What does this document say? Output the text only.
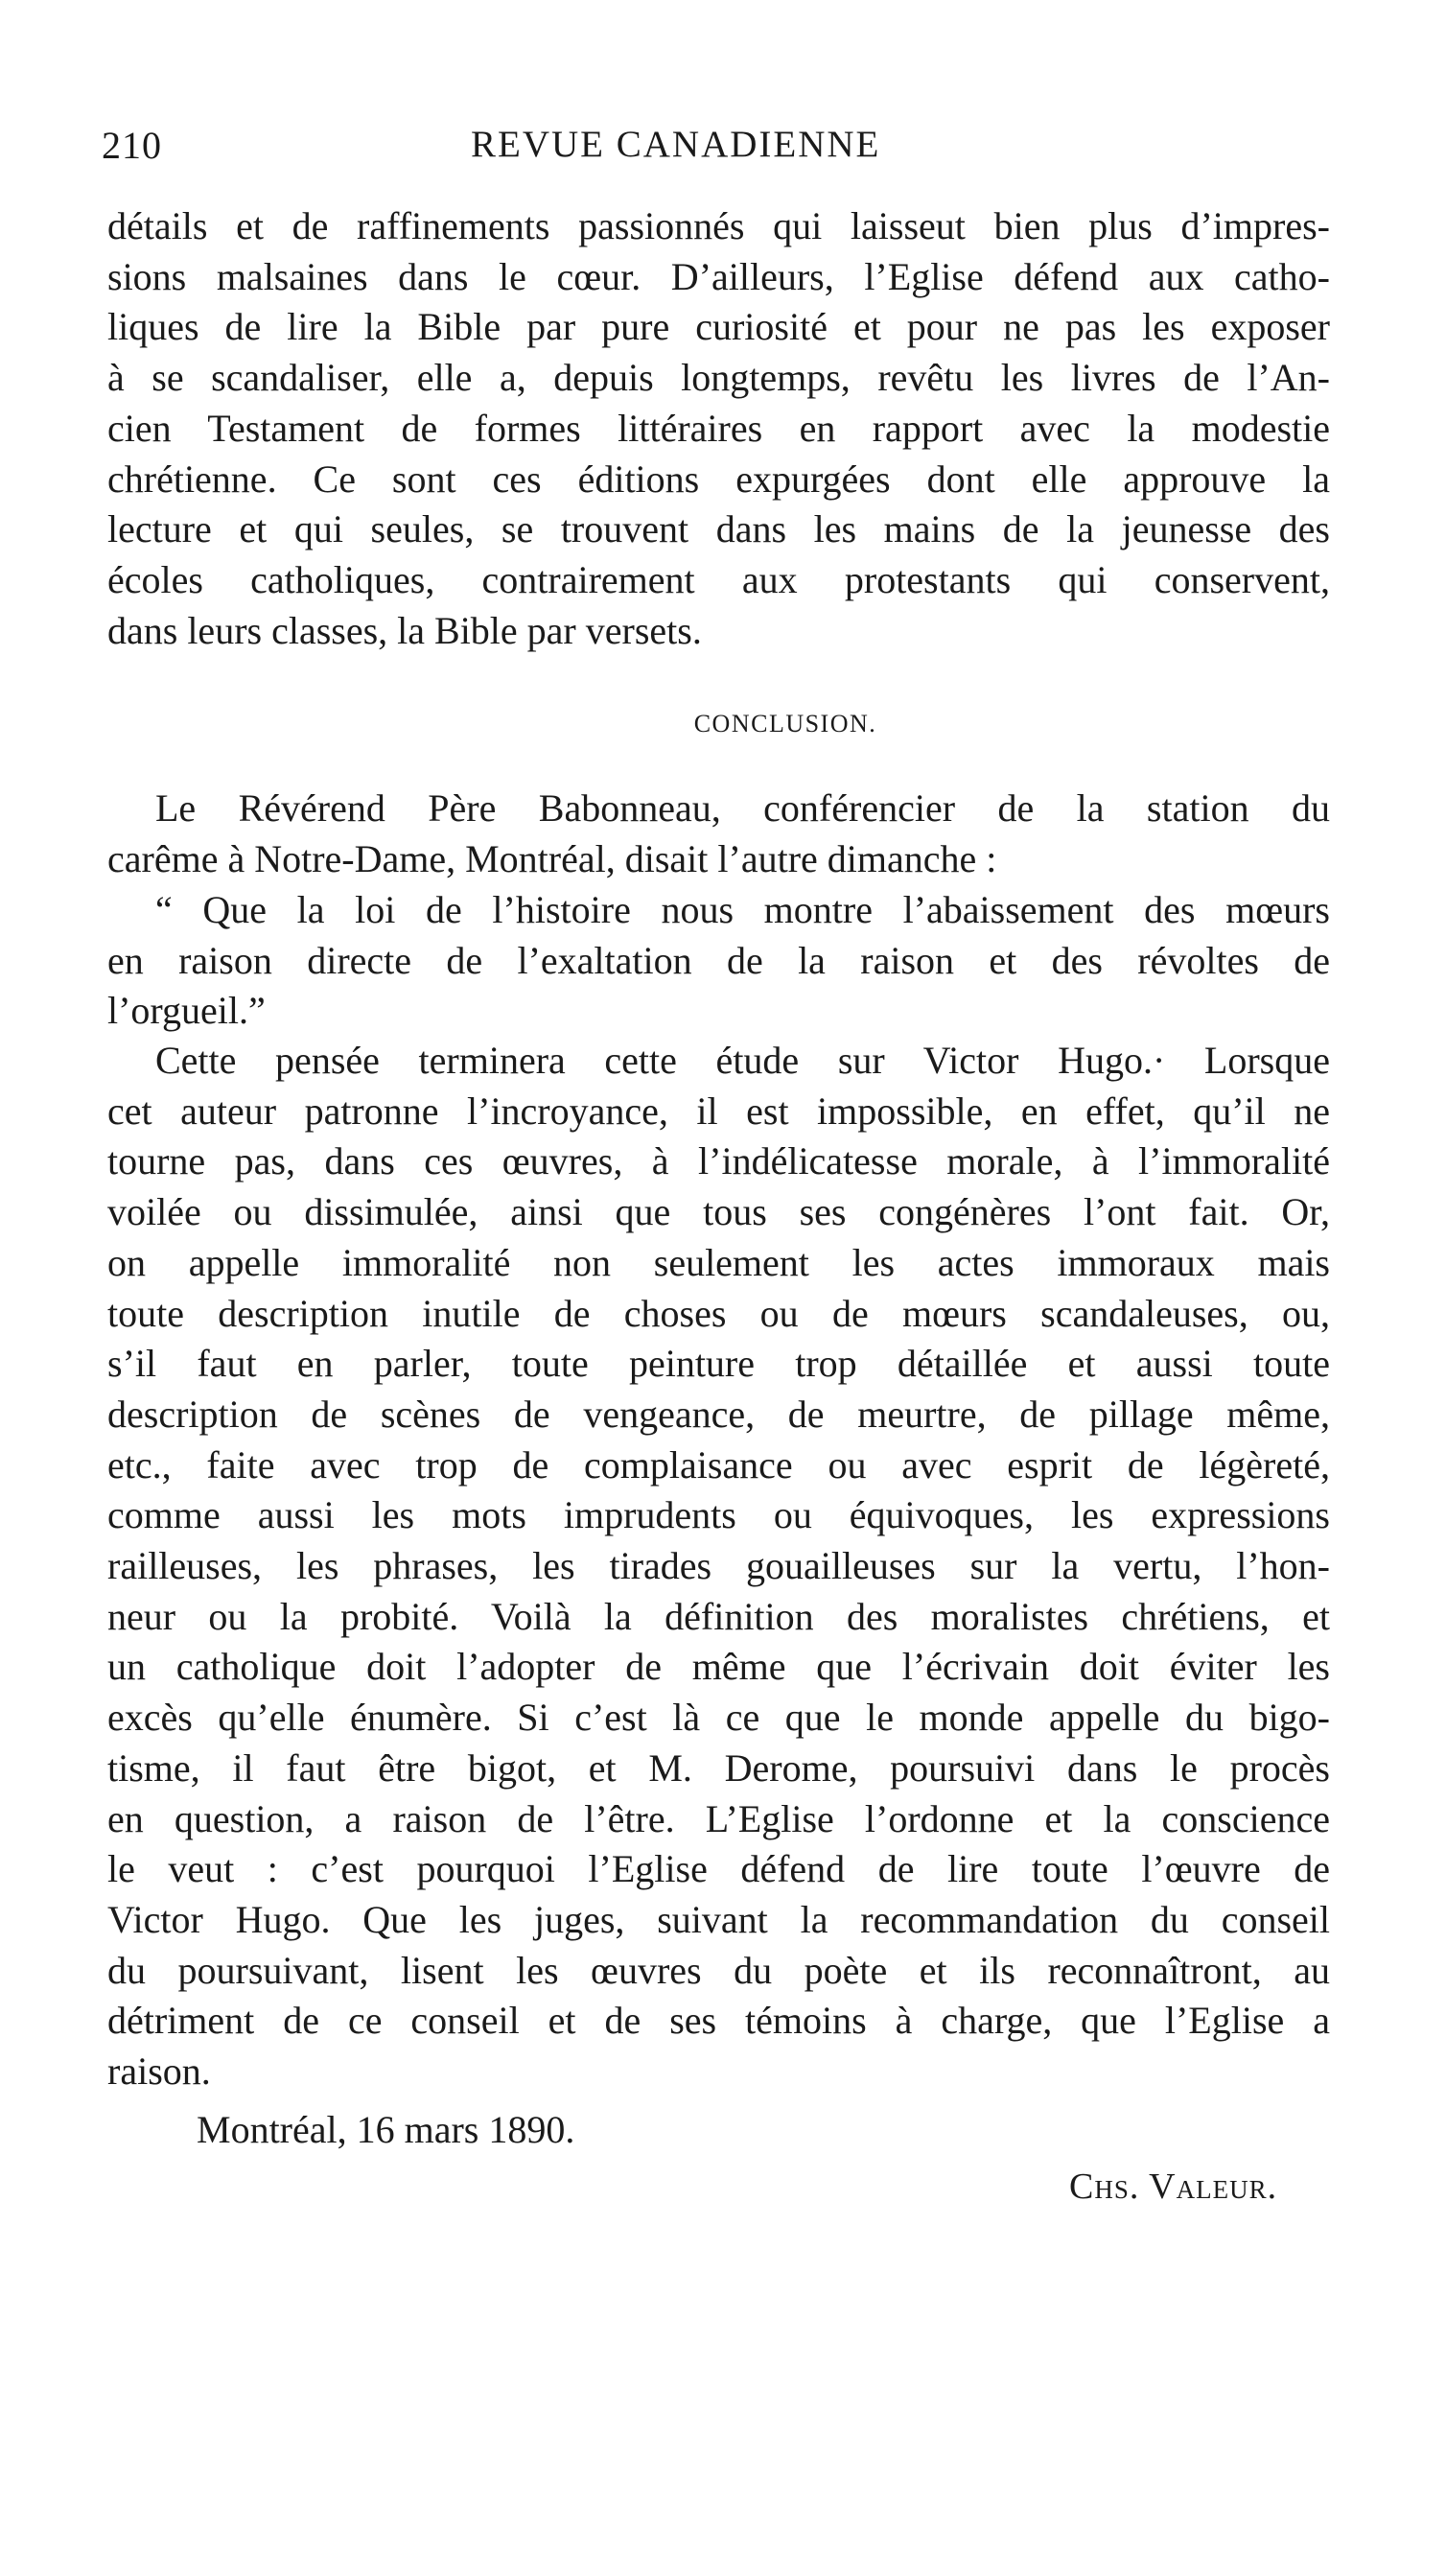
210	REVUE CANADIENNE
détails et de raffinements passionnés qui laisseut bien plus d’impres-
sions malsaines dans le cœur. D’ailleurs, l’Eglise défend aux catho-
liques de lire la Bible par pure curiosité et pour ne pas les exposer
à se scandaliser, elle a, depuis longtemps, revêtu les livres de l’An-
cien Testament de formes littéraires en rapport avec la modestie
chrétienne. Ce sont ces éditions expurgées dont elle approuve la
lecture et qui seules, se trouvent dans les mains de la jeunesse des
écoles catholiques, contrairement aux protestants qui conservent,
dans leurs classes, la Bible par versets.
CONCLUSION.
Le Révérend Père Babonneau, conférencier de la station du
carême à Notre-Dame, Montréal, disait l’autre dimanche :
“ Que la loi de l’histoire nous montre l’abaissement des mœurs
en raison directe de l’exaltation de la raison et des révoltes de
l’orgueil.”
Cette pensée terminera cette étude sur Victor Hugo.· Lorsque
cet auteur patronne l’incroyance, il est impossible, en effet, qu’il ne
tourne pas, dans ces œuvres, à l’indélicatesse morale, à l’immoralité
voilée ou dissimulée, ainsi que tous ses congénères l’ont fait. Or,
on appelle immoralité non seulement les actes immoraux mais
toute description inutile de choses ou de mœurs scandaleuses, ou,
s’il faut en parler, toute peinture trop détaillée et aussi toute
description de scènes de vengeance, de meurtre, de pillage même,
etc., faite avec trop de complaisance ou avec esprit de légèreté,
comme aussi les mots imprudents ou équivoques, les expressions
railleuses, les phrases, les tirades gouailleuses sur la vertu, l’hon-
neur ou la probité. Voilà la définition des moralistes chrétiens, et
un catholique doit l’adopter de même que l’écrivain doit éviter les
excès qu’elle énumère. Si c’est là ce que le monde appelle du bigo-
tisme, il faut être bigot, et M. Derome, poursuivi dans le procès
en question, a raison de l’être. L’Eglise l’ordonne et la conscience
le veut : c’est pourquoi l’Eglise défend de lire toute l’œuvre de
Victor Hugo. Que les juges, suivant la recommandation du conseil
du poursuivant, lisent les œuvres du poète et ils reconnaîtront, au
détriment de ce conseil et de ses témoins à charge, que l’Eglise a
raison.
Montréal, 16 mars 1890.
Chs. Valeur.
